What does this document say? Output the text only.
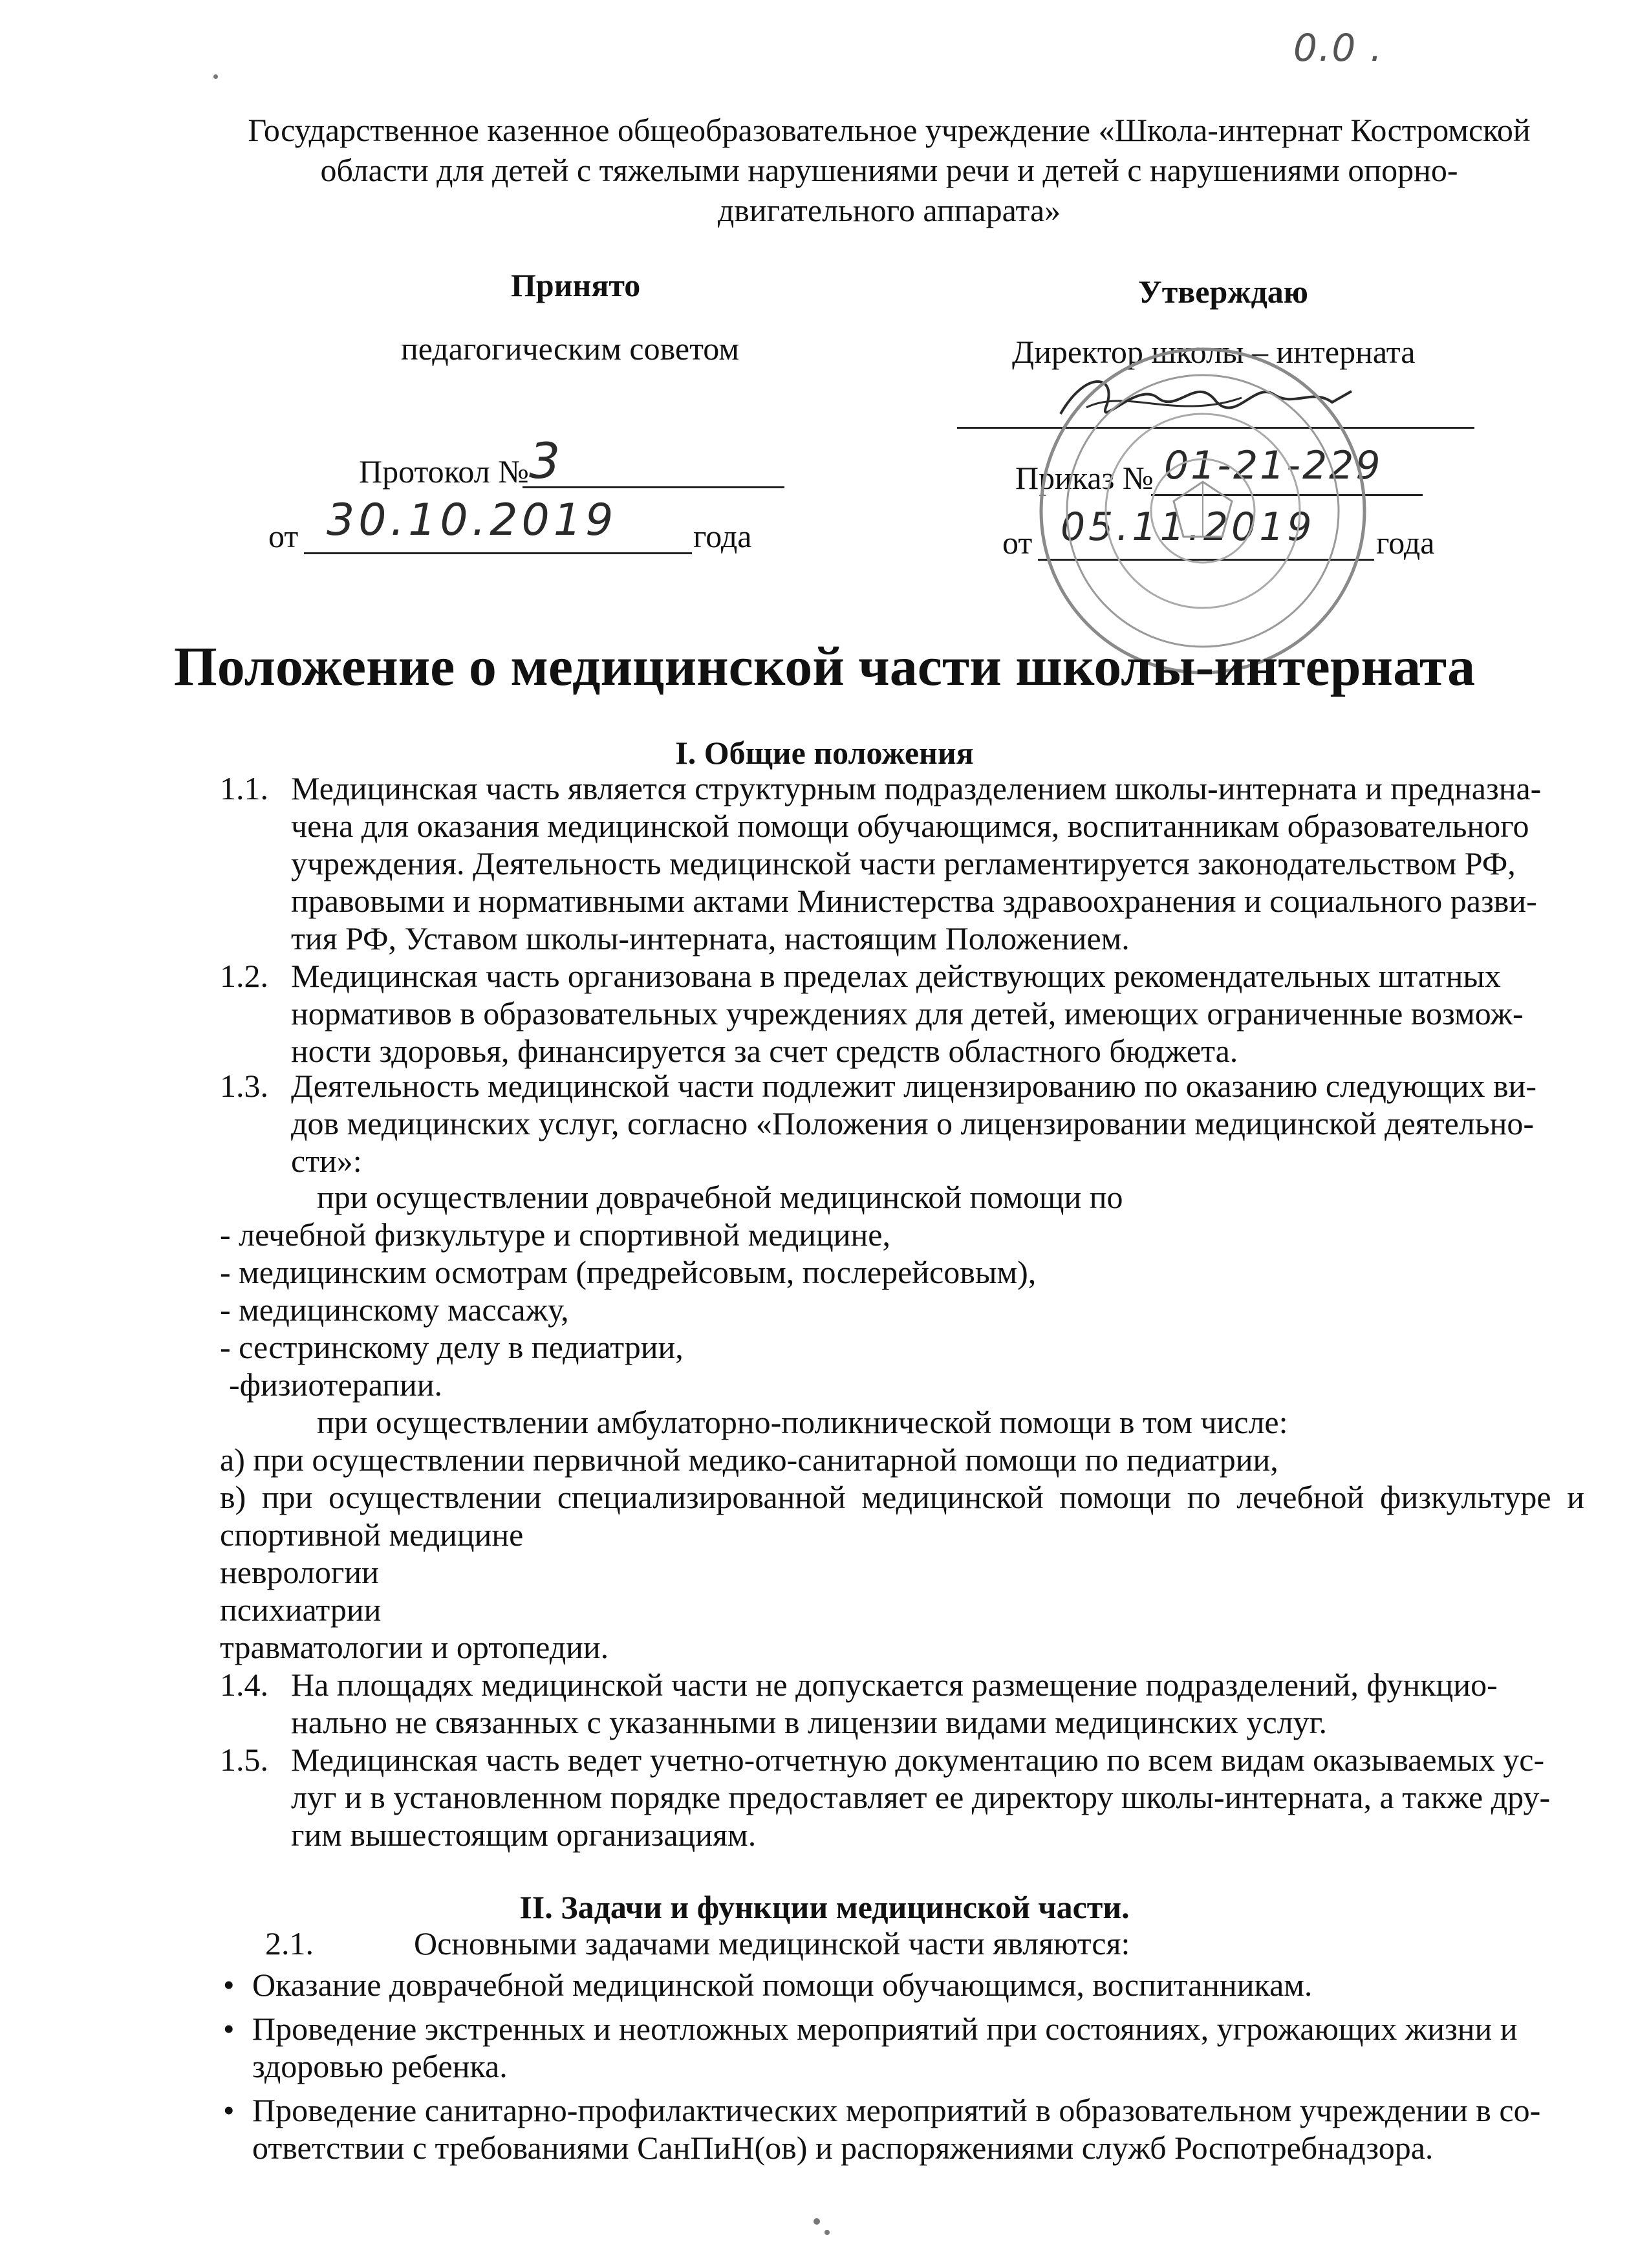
0.0 .
Государственное казенное общеобразовательное учреждение «Школа-интернат Костромской
области для детей с тяжелыми нарушениями речи и детей с нарушениями опорно-
двигательного аппарата»
Принято
педагогическим советом
Протокол № 3
от 30.10.2019 года
Утверждаю
Директор школы – интерната
Приказ № 01-21-229
от 05.11.2019 года
Положение о медицинской части школы-интерната
I. Общие положения
1.1. Медицинская часть является структурным подразделением школы-интерната и предназна-
чена для оказания медицинской помощи обучающимся, воспитанникам образовательного
учреждения. Деятельность медицинской части регламентируется законодательством РФ,
правовыми и нормативными актами Министерства здравоохранения и социального разви-
тия РФ, Уставом школы-интерната, настоящим Положением.
1.2. Медицинская часть организована в пределах действующих рекомендательных штатных
нормативов в образовательных учреждениях для детей, имеющих ограниченные возмож-
ности здоровья, финансируется за счет средств областного бюджета.
1.3. Деятельность медицинской части подлежит лицензированию по оказанию следующих ви-
дов медицинских услуг, согласно «Положения о лицензировании медицинской деятельно-
сти»:
при осуществлении доврачебной медицинской помощи по
- лечебной физкультуре и спортивной медицине,
- медицинским осмотрам (предрейсовым, послерейсовым),
- медицинскому массажу,
- сестринскому делу в педиатрии,
-физиотерапии.
при осуществлении амбулаторно-поликнической помощи в том числе:
а) при осуществлении первичной медико-санитарной помощи по педиатрии,
в) при осуществлении специализированной медицинской помощи по лечебной физкультуре и
спортивной медицине
неврологии
психиатрии
травматологии и ортопедии.
1.4. На площадях медицинской части не допускается размещение подразделений, функцио-
нально не связанных с указанными в лицензии видами медицинских услуг.
1.5. Медицинская часть ведет учетно-отчетную документацию по всем видам оказываемых ус-
луг и в установленном порядке предоставляет ее директору школы-интерната, а также дру-
гим вышестоящим организациям.
II. Задачи и функции медицинской части.
2.1.	Основными задачами медицинской части являются:
• Оказание доврачебной медицинской помощи обучающимся, воспитанникам.
• Проведение экстренных и неотложных мероприятий при состояниях, угрожающих жизни и
здоровью ребенка.
• Проведение санитарно-профилактических мероприятий в образовательном учреждении в со-
ответствии с требованиями СанПиН(ов) и распоряжениями служб Роспотребнадзора.
